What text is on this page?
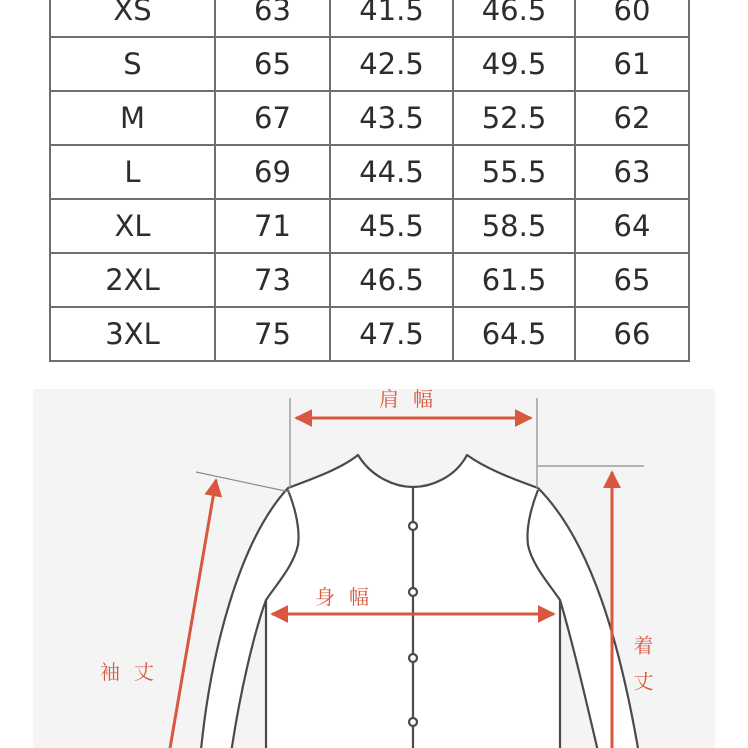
XS	63	41.5	46.5	60
S	65	42.5	49.5	61
M	67	43.5	52.5	62
L	69	44.5	55.5	63
XL	71	45.5	58.5	64
2XL	73	46.5	61.5	65
3XL	75	47.5	64.5	66
肩幅
身幅
袖丈	着丈
